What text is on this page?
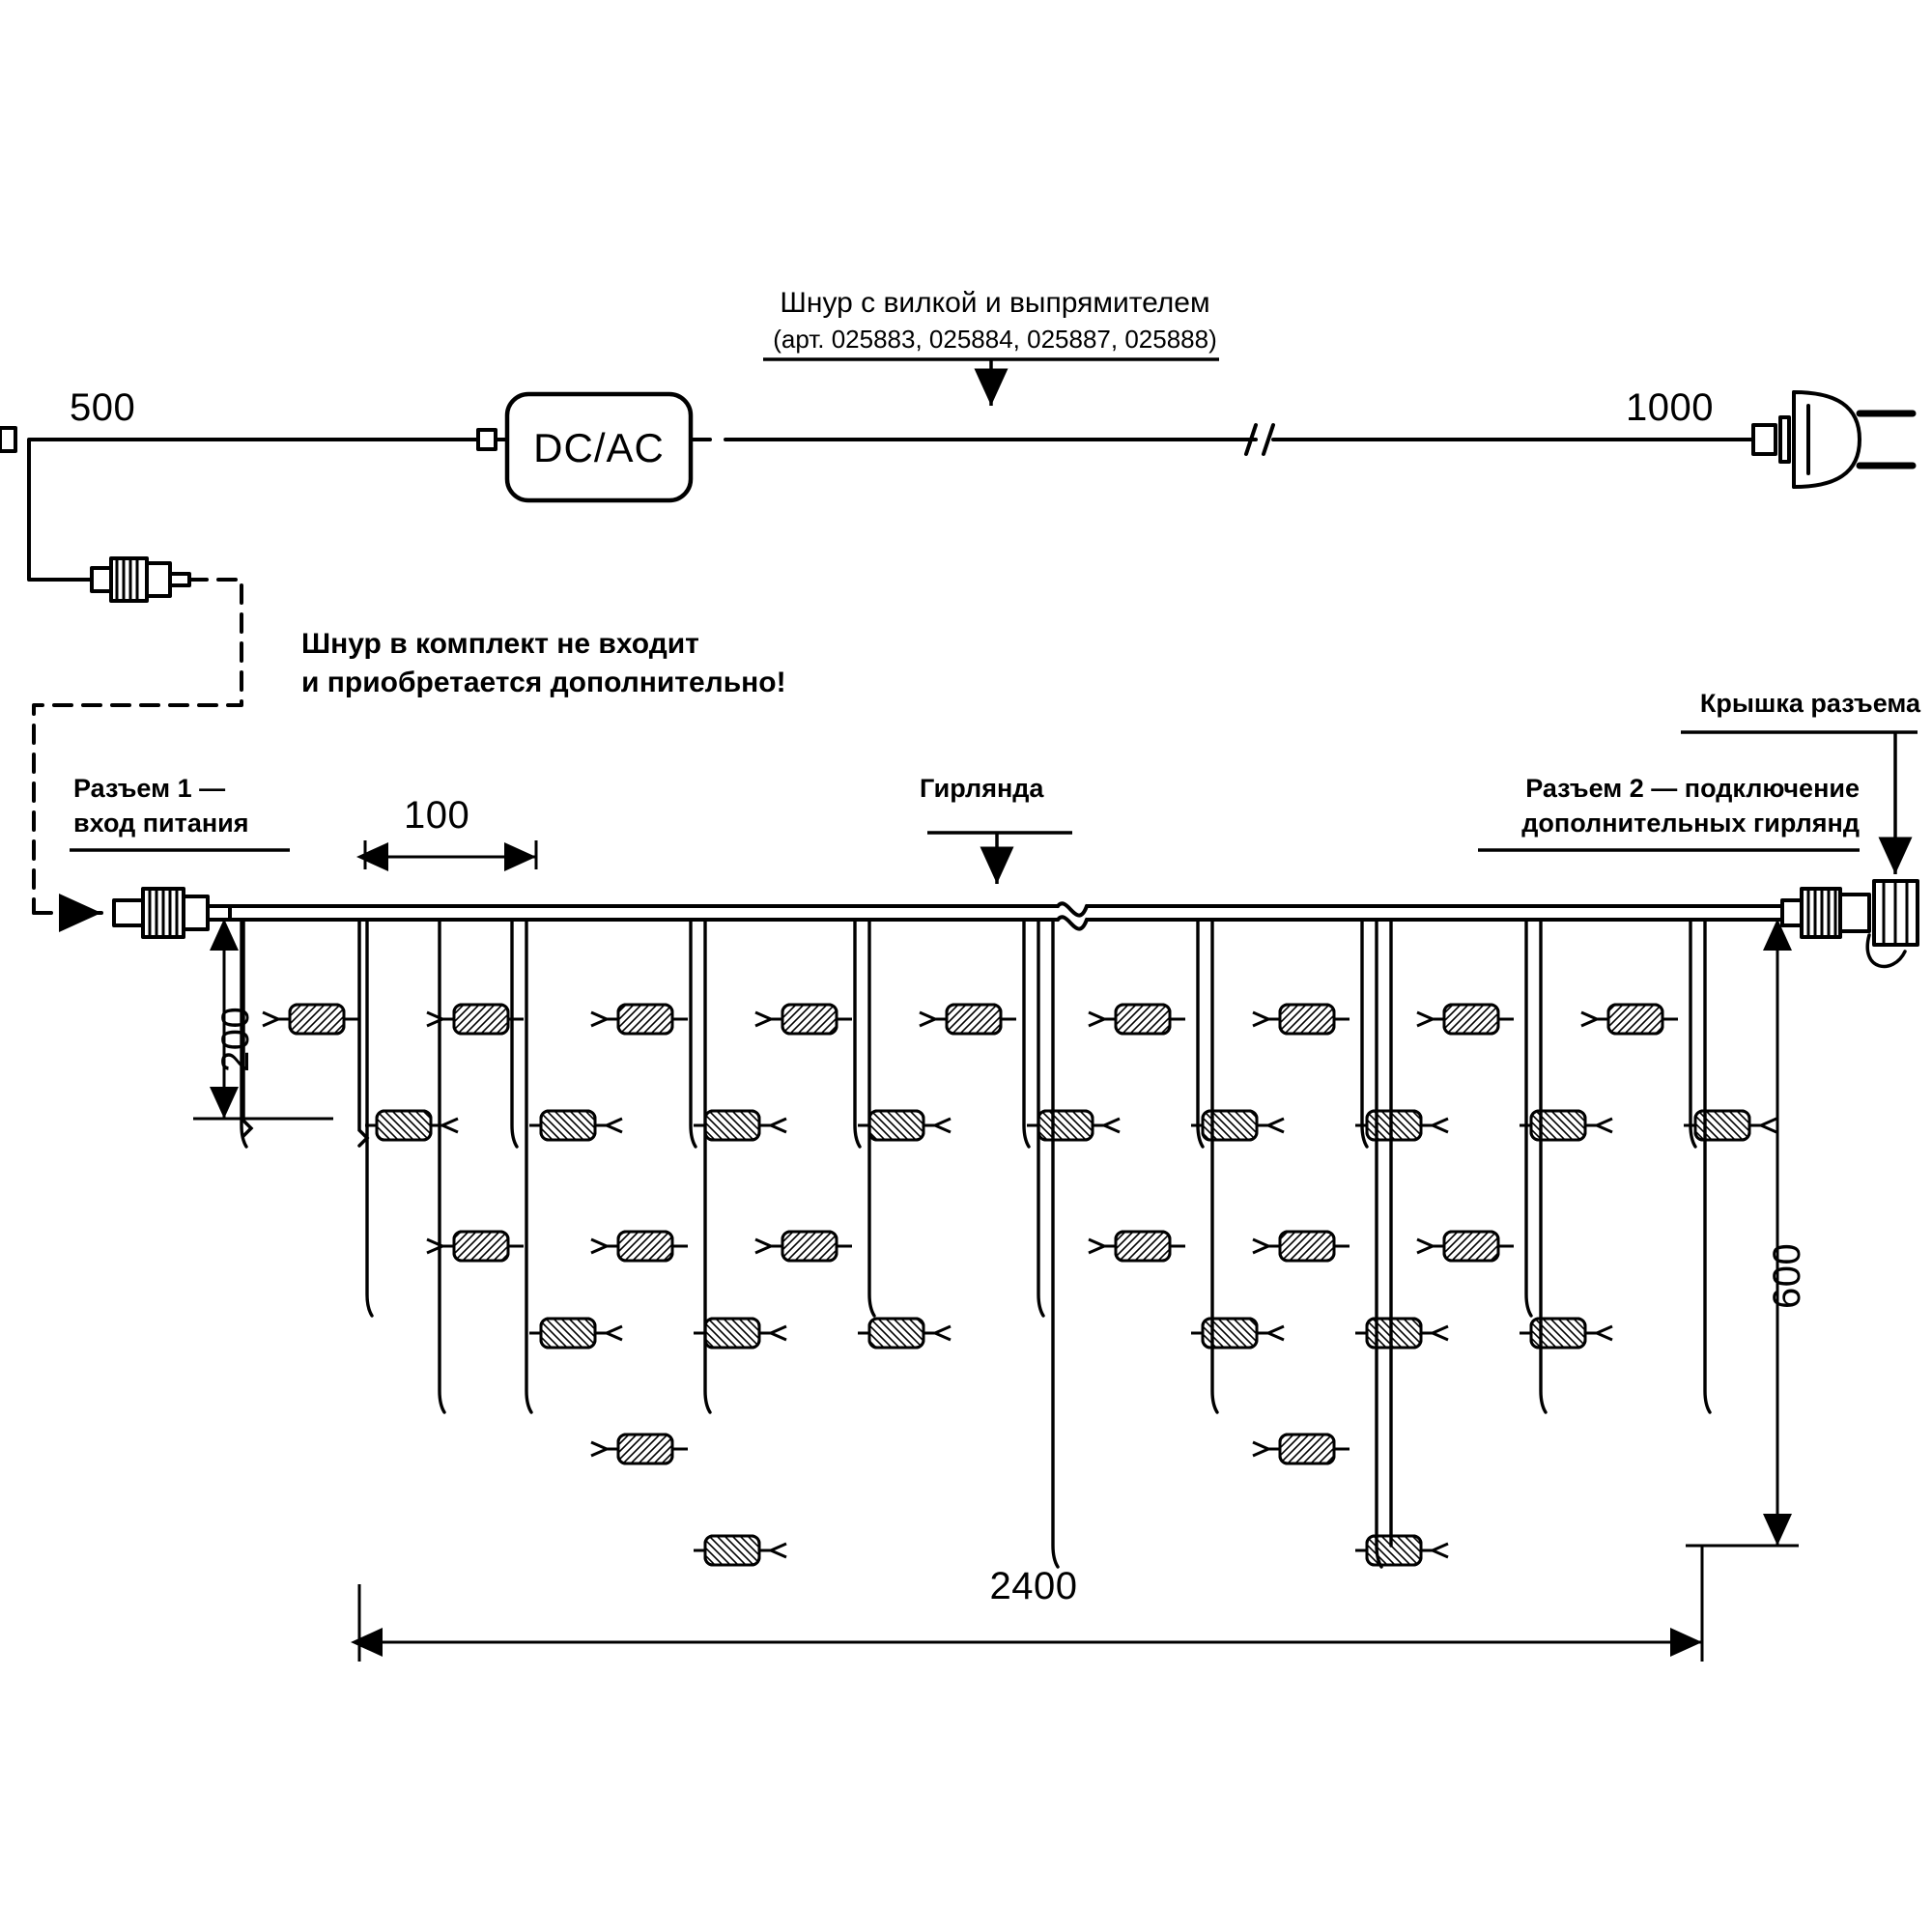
500	1000
Шнур с вилкой и выпрямителем
(арт. 025883, 025884, 025887, 025888)
DC/AC
Шнур в комплект не входит
и приобретается дополнительно!
Разъем 1 —
вход питания
Гирлянда	Разъем 2 — подключение
дополнительных гирлянд
Крышка разъема
100
200
600
2400
